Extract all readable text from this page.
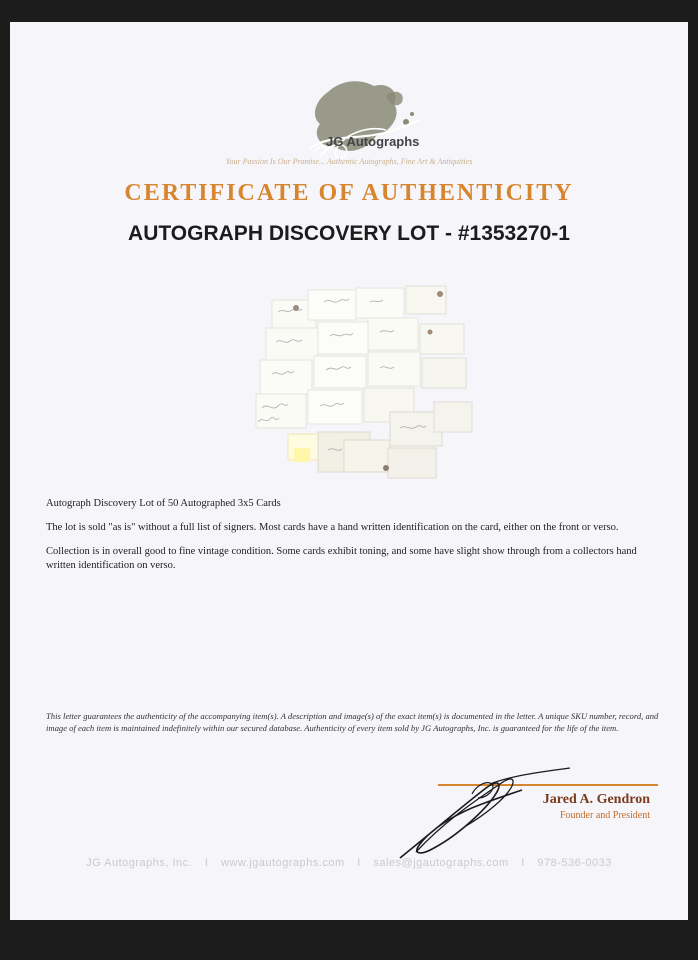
JG Autographs
Your Passion Is Our Promise... Authentic Autographs, Fine Art & Antiquities
CERTIFICATE OF AUTHENTICITY
AUTOGRAPH DISCOVERY LOT - #1353270-1

Autograph Discovery Lot of 50 Autographed 3x5 Cards

The lot is sold "as is" without a full list of signers. Most cards have a hand written identification on the card, either on the front or verso.

Collection is in overall good to fine vintage condition. Some cards exhibit toning, and some have slight show through from a collectors hand written identification on verso.

This letter guarantees the authenticity of the accompanying item(s). A description and image(s) of the exact item(s) is documented in the letter. A unique SKU number, record, and image of each item is maintained indefinitely within our secured database. Authenticity of every item sold by JG Autographs, Inc. is guaranteed for the life of the item.
Jared A. Gendron
Founder and President
JG Autographs, Inc. I www.jgautographs.com I sales@jgautographs.com I 978-536-0033
